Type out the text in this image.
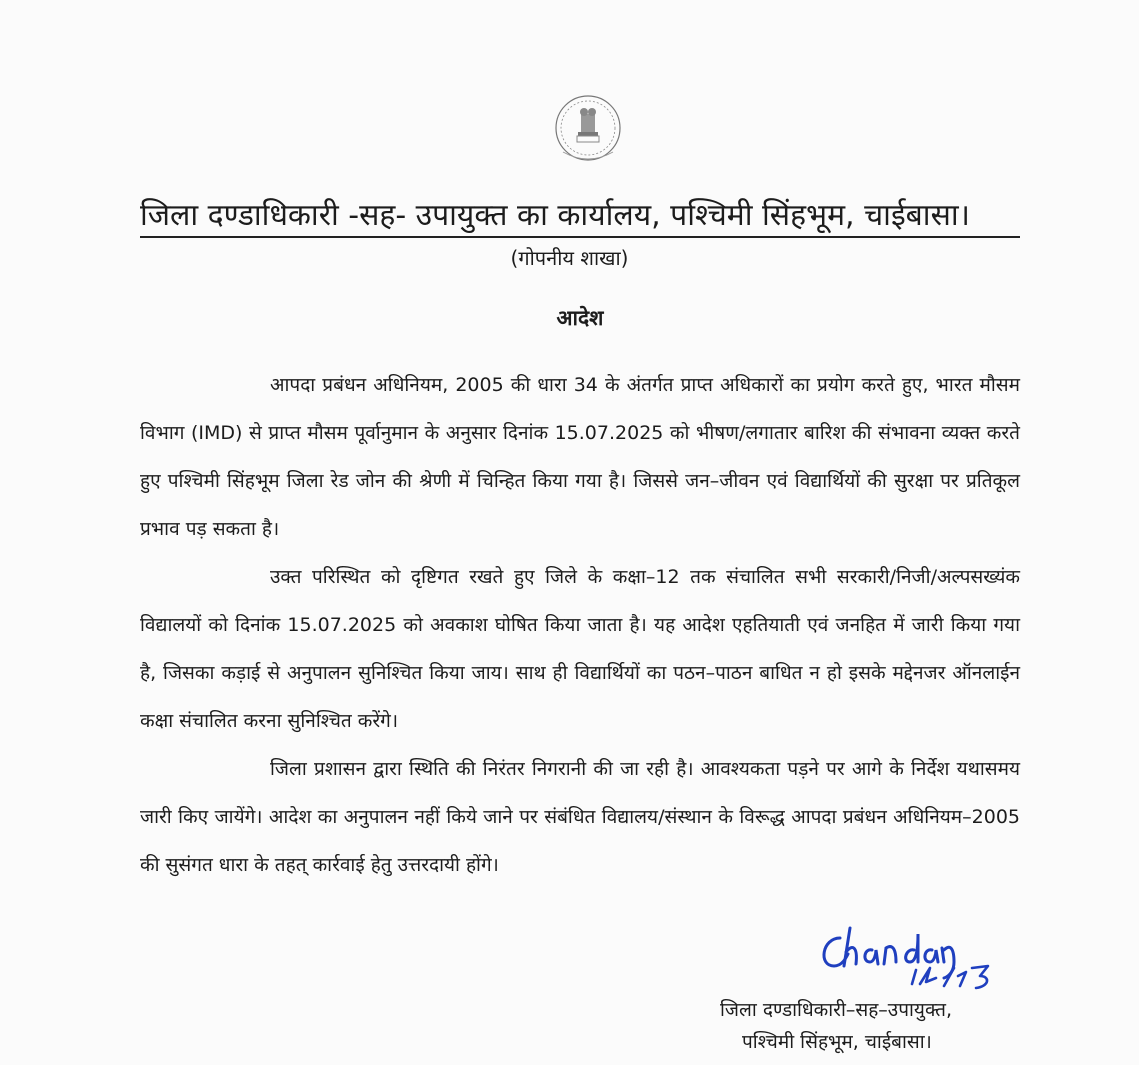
जिला दण्डाधिकारी -सह- उपायुक्त का कार्यालय, पश्चिमी सिंहभूम, चाईबासा।
(गोपनीय शाखा)
आदेश

आपदा प्रबंधन अधिनियम, 2005 की धारा 34 के अंतर्गत प्राप्त अधिकारों का प्रयोग करते हुए, भारत मौसम विभाग (IMD) से प्राप्त मौसम पूर्वानुमान के अनुसार दिनांक 15.07.2025 को भीषण/लगातार बारिश की संभावना व्यक्त करते हुए पश्चिमी सिंहभूम जिला रेड जोन की श्रेणी में चिन्हित किया गया है। जिससे जन–जीवन एवं विद्यार्थियों की सुरक्षा पर प्रतिकूल प्रभाव पड़ सकता है।

उक्त परिस्थित को दृष्टिगत रखते हुए जिले के कक्षा–12 तक संचालित सभी सरकारी/निजी/अल्पसख्यंक विद्यालयों को दिनांक 15.07.2025 को अवकाश घोषित किया जाता है। यह आदेश एहतियाती एवं जनहित में जारी किया गया है, जिसका कड़ाई से अनुपालन सुनिश्चित किया जाय। साथ ही विद्यार्थियों का पठन–पाठन बाधित न हो इसके मद्देनजर ऑनलाईन कक्षा संचालित करना सुनिश्चित करेंगे।

जिला प्रशासन द्वारा स्थिति की निरंतर निगरानी की जा रही है। आवश्यकता पड़ने पर आगे के निर्देश यथासमय जारी किए जायेंगे। आदेश का अनुपालन नहीं किये जाने पर संबंधित विद्यालय/संस्थान के विरूद्ध आपदा प्रबंधन अधिनियम–2005 की सुसंगत धारा के तहत् कार्रवाई हेतु उत्तरदायी होंगे।

जिला दण्डाधिकारी–सह–उपायुक्त,
पश्चिमी सिंहभूम, चाईबासा।
